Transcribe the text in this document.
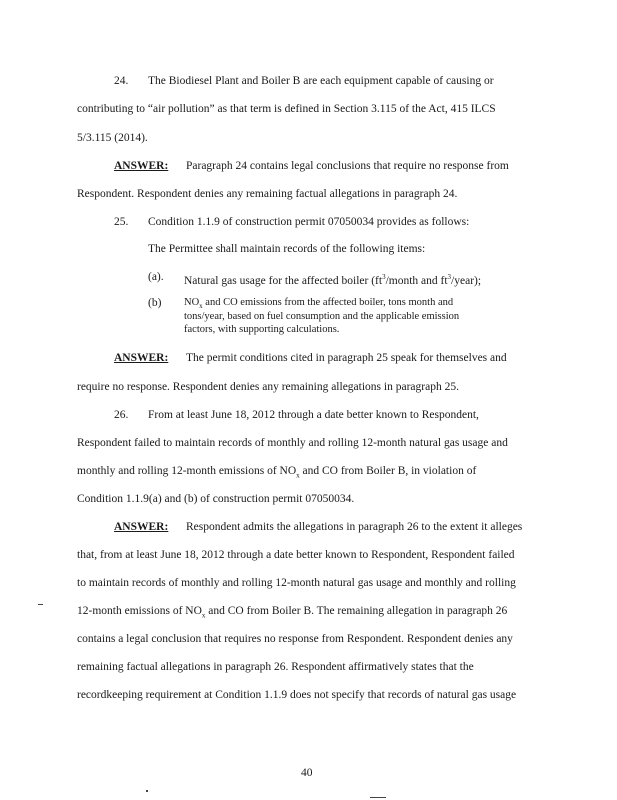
24. The Biodiesel Plant and Boiler B are each equipment capable of causing or
contributing to “air pollution” as that term is defined in Section 3.115 of the Act, 415 ILCS
5/3.115 (2014).
ANSWER: Paragraph 24 contains legal conclusions that require no response from
Respondent. Respondent denies any remaining factual allegations in paragraph 24.
25. Condition 1.1.9 of construction permit 07050034 provides as follows:
The Permittee shall maintain records of the following items:
(a). Natural gas usage for the affected boiler ($ft^3$/month and $ft^3/year$);
(b) $NO_x$ and CO emissions from the affected boiler, tons month and
tons/year, based on fuel consumption and the applicable emission
factors, with supporting calculations.
ANSWER: The permit conditions cited in paragraph 25 speak for themselves and
require no response. Respondent denies any remaining allegations in paragraph 25.
26. From at least June 18, 2012 through a date better known to Respondent,
Respondent failed to maintain records of monthly and rolling 12-month natural gas usage and
monthly and rolling 12-month emissions of $NO_x$ and CO from Boiler B, in violation of
Condition 1.1.9(a) and (b) of construction permit 07050034.
ANSWER: Respondent admits the allegations in paragraph 26 to the extent it alleges
that, from at least June 18, 2012 through a date better known to Respondent, Respondent failed
to maintain records of monthly and rolling 12-month natural gas usage and monthly and rolling
12-month emissions of $NO_x$ and CO from Boiler B. The remaining allegation in paragraph 26
contains a legal conclusion that requires no response from Respondent. Respondent denies any
remaining factual allegations in paragraph 26. Respondent affirmatively states that the
recordkeeping requirement at Condition 1.1.9 does not specify that records of natural gas usage
40
